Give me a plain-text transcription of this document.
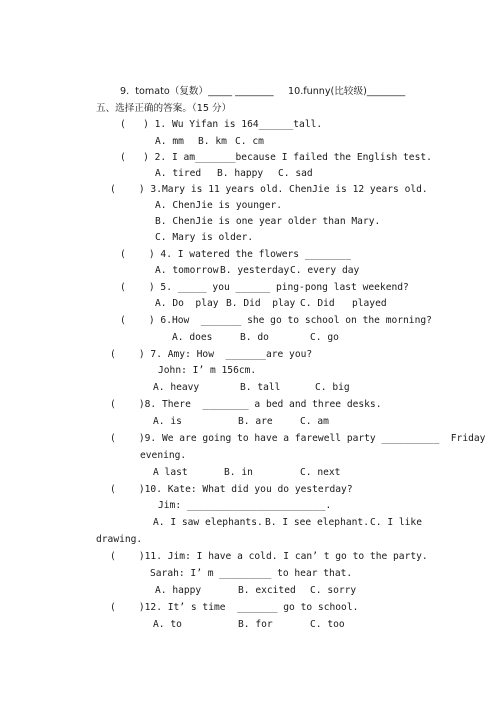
9.  tomato（复数）_____ ________ 10.funny(比较级)________
五、选择正确的答案。（15 分）
(   ) 1. Wu Yifan is 164______tall.
A. mm B. km C. cm
(   ) 2. I am_______because I failed the English test.
A. tired B. happy C. sad
(    ) 3.Mary is 11 years old. ChenJie is 12 years old.
A. ChenJie is younger.
B. ChenJie is one year older than Mary.
C. Mary is older.
(    ) 4. I watered the flowers ________
A. tomorrow B. yesterday C. every day
(    ) 5. _____ you ______ ping-pong last weekend?
A. Do  play B. Did  play C. Did   played
(    ) 6.How  _______ she go to school on the morning?
A. does	B. do	C. go
(    ) 7. Amy: How  _______are you?
John: I’ m 156cm.
A. heavy	B. tall	C. big
(    )8. There  ________ a bed and three desks.
A. is	B. are	C. am
(    )9. We are going to have a farewell party __________  Friday
evening.
A last	B. in	C. next
(    )10. Kate: What did you do yesterday?
Jim: ________________________.
A. I saw elephants. B. I see elephant. C. I like
drawing.
(    )11. Jim: I have a cold. I can’ t go to the party.
Sarah: I’ m _________ to hear that.
A. happy	B. excited C. sorry
(    )12. It’ s time  _______ go to school.
A. to	B. for	C. too
